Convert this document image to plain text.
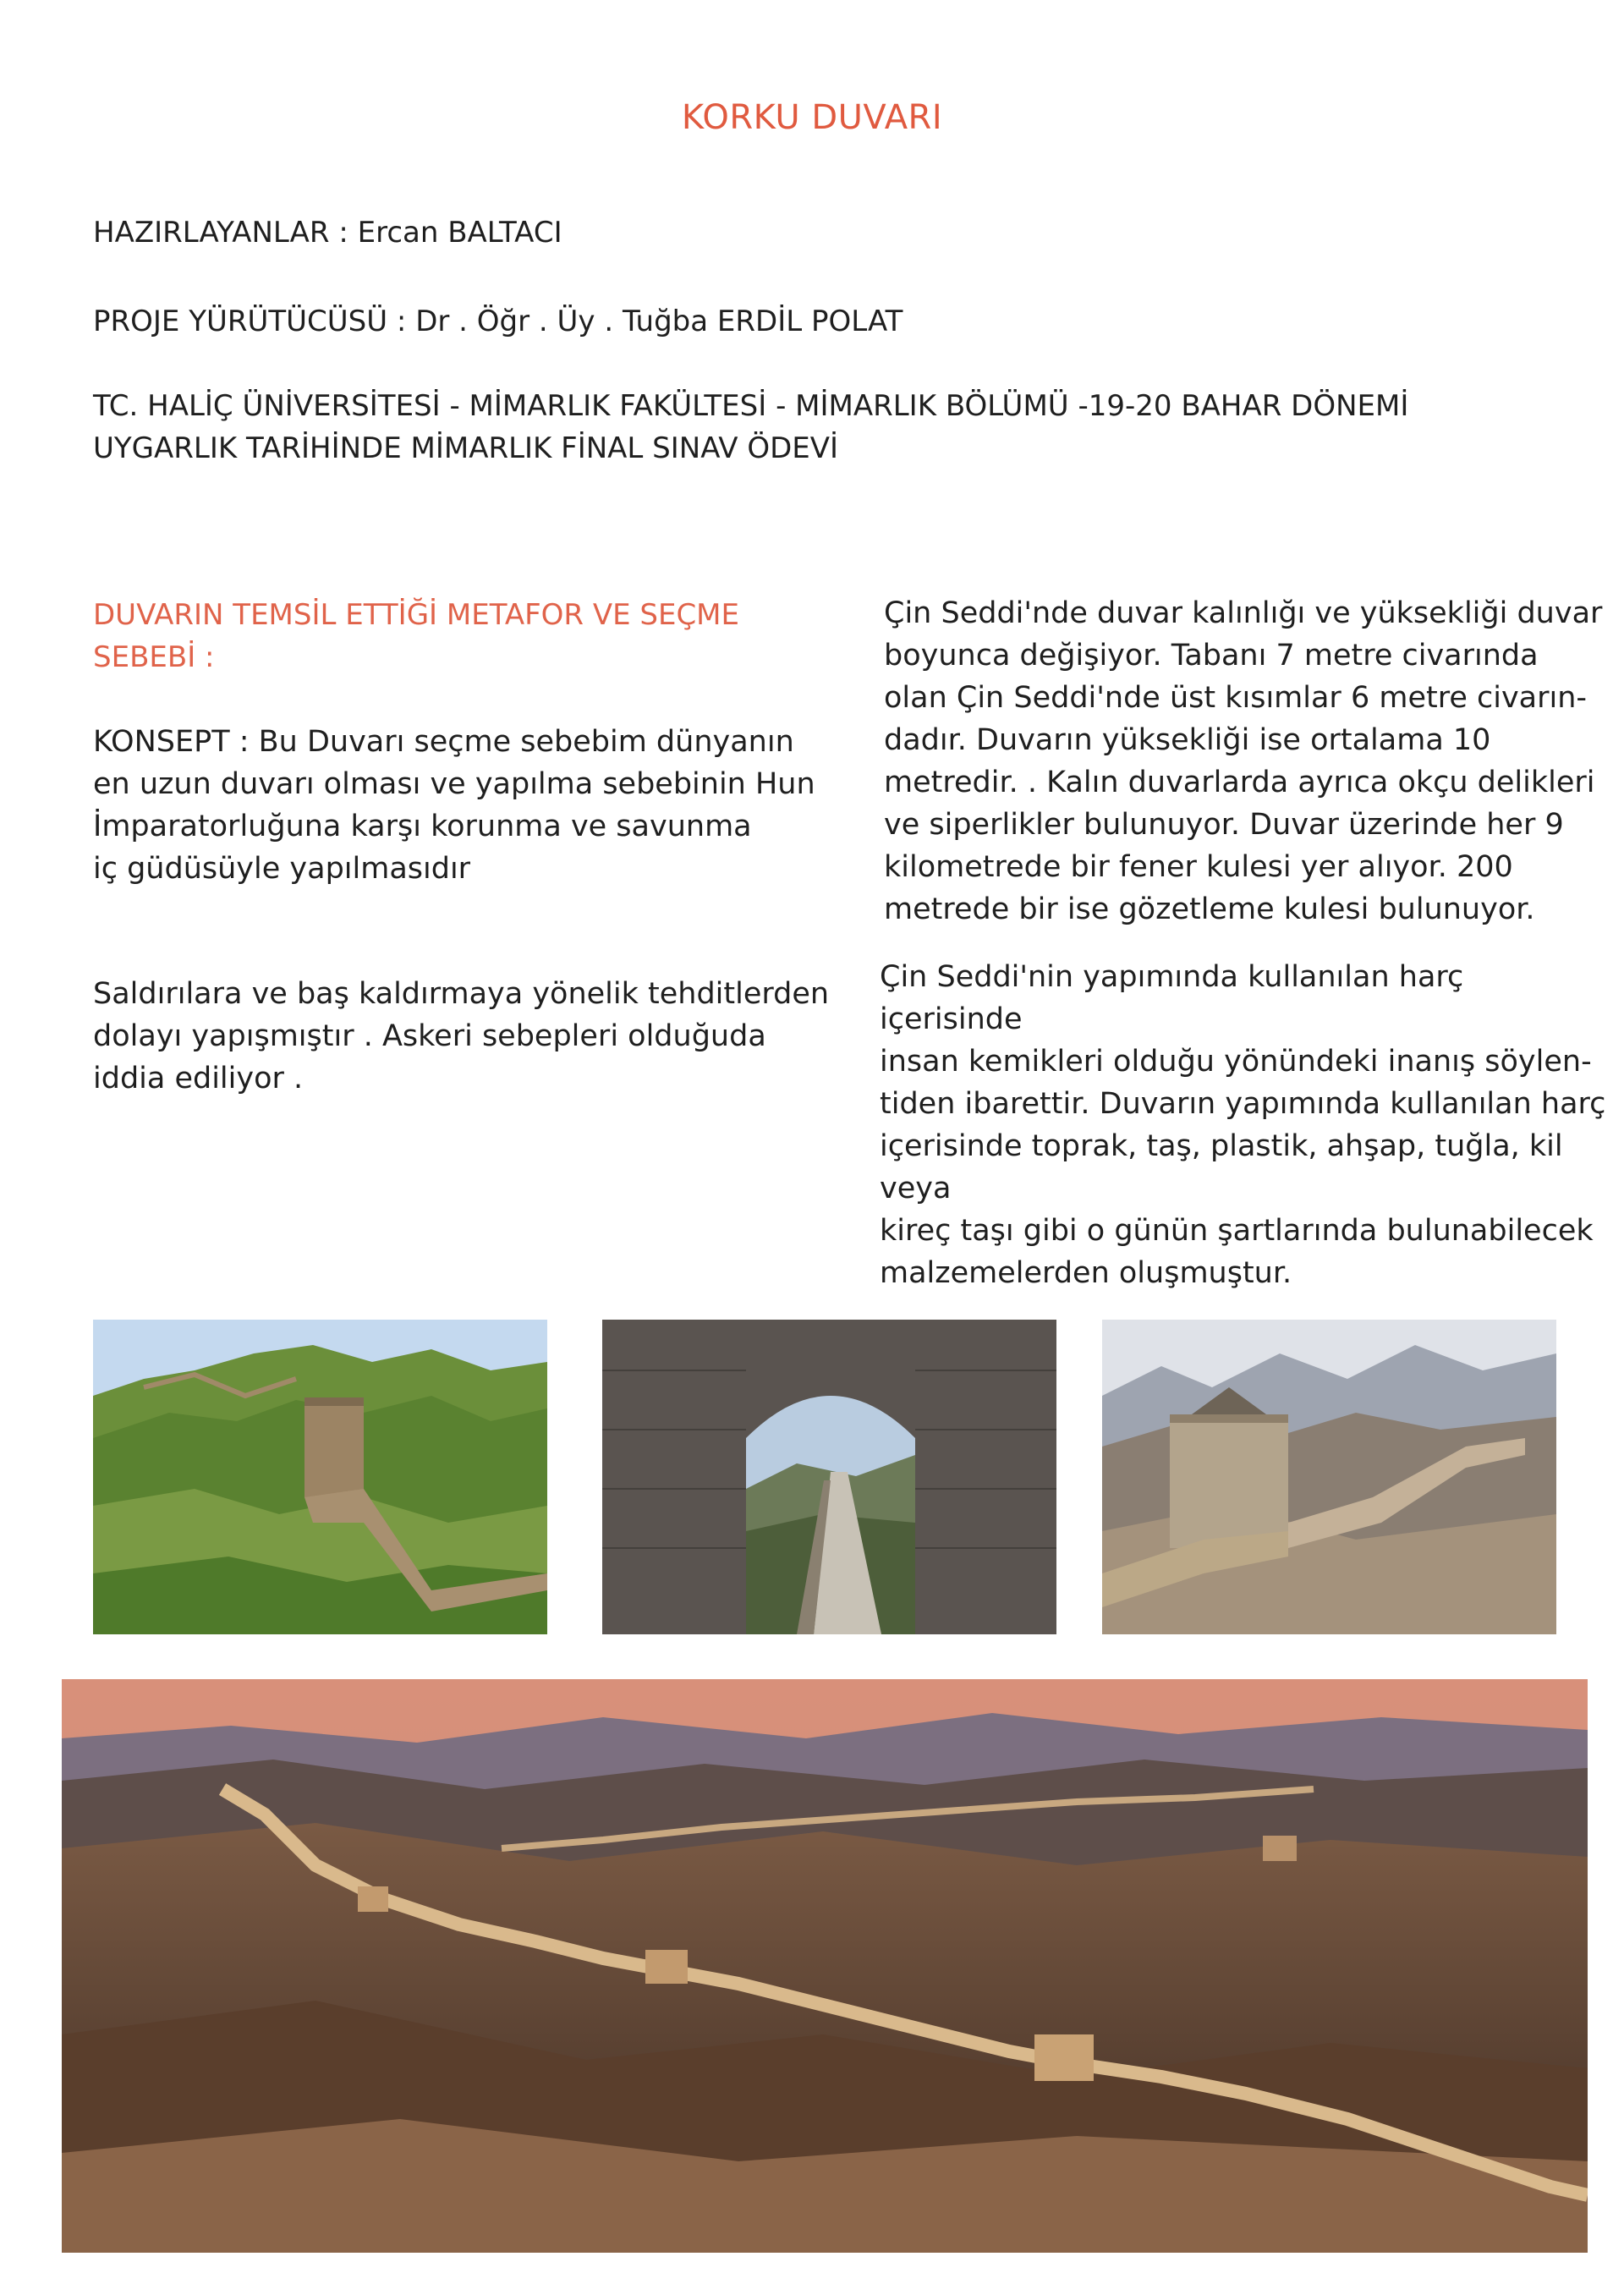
KORKU DUVARI
HAZIRLAYANLAR : Ercan BALTACI
PROJE YÜRÜTÜCÜSÜ : Dr . Öğr . Üy . Tuğba ERDİL POLAT
TC. HALİÇ ÜNİVERSİTESİ - MİMARLIK FAKÜLTESİ - MİMARLIK BÖLÜMÜ -19-20 BAHAR DÖNEMİ
UYGARLIK TARİHİNDE MİMARLIK FİNAL SINAV ÖDEVİ
DUVARIN TEMSİL ETTİĞİ METAFOR VE SEÇME SEBEBİ :
KONSEPT : Bu Duvarı seçme sebebim dünyanın
en uzun duvarı olması ve yapılma sebebinin Hun
İmparatorluğuna karşı korunma ve savunma
iç güdüsüyle yapılmasıdır
Saldırılara ve baş kaldırmaya yönelik tehditlerden
dolayı yapışmıştır . Askeri sebepleri olduğuda
iddia ediliyor .
Çin Seddi'nde duvar kalınlığı ve yüksekliği duvar
boyunca değişiyor. Tabanı 7 metre civarında
olan Çin Seddi'nde üst kısımlar 6 metre civarın-
dadır. Duvarın yüksekliği ise ortalama 10
metredir. . Kalın duvarlarda ayrıca okçu delikleri
ve siperlikler bulunuyor. Duvar üzerinde her 9
kilometrede bir fener kulesi yer alıyor. 200
metrede bir ise gözetleme kulesi bulunuyor.
Çin Seddi'nin yapımında kullanılan harç içerisinde
insan kemikleri olduğu yönündeki inanış söylen-
tiden ibarettir. Duvarın yapımında kullanılan harç
içerisinde toprak, taş, plastik, ahşap, tuğla, kil veya
kireç taşı gibi o günün şartlarında bulunabilecek
malzemelerden oluşmuştur.
